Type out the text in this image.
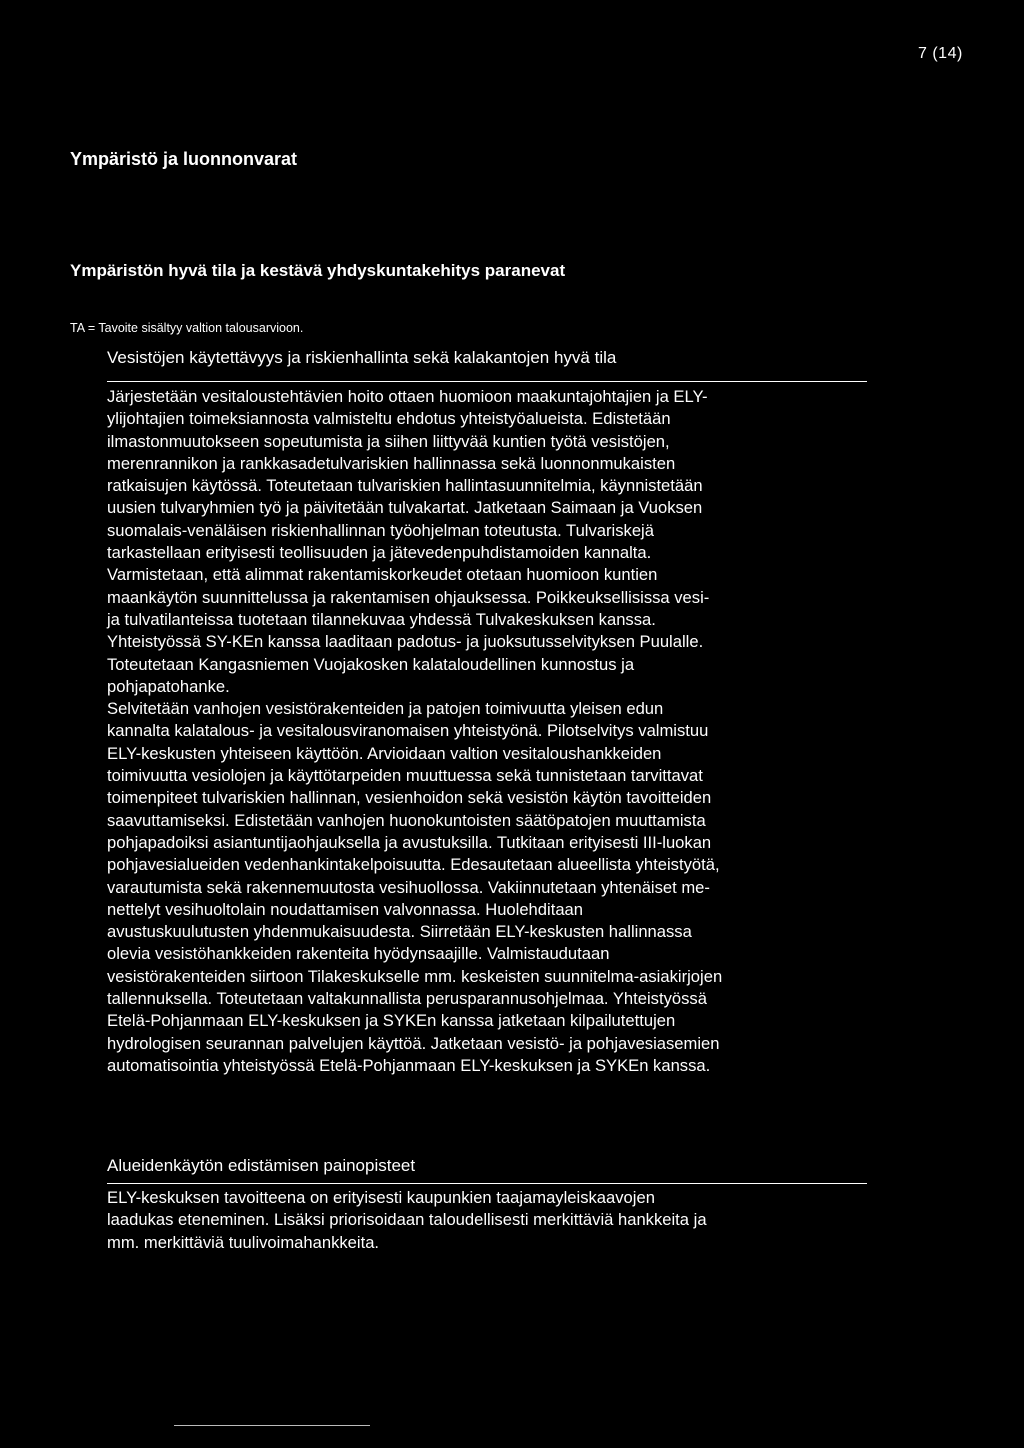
7 (14)
Ympäristö ja luonnonvarat
Ympäristön hyvä tila ja kestävä yhdyskuntakehitys paranevat
TA = Tavoite sisältyy valtion talousarvioon.
Vesistöjen käytettävyys ja riskienhallinta sekä kalakantojen hyvä tila

Järjestetään vesitaloustehtävien hoito ottaen huomioon maakuntajohtajien ja ELY-
ylijohtajien toimeksiannosta valmisteltu ehdotus yhteistyöalueista. Edistetään
ilmastonmuutokseen sopeutumista ja siihen liittyvää kuntien työtä vesistöjen,
merenrannikon ja rankkasadetulvariskien hallinnassa sekä luonnonmukaisten
ratkaisujen käytössä. Toteutetaan tulvariskien hallintasuunnitelmia, käynnistetään
uusien tulvaryhmien työ ja päivitetään tulvakartat. Jatketaan Saimaan ja Vuoksen
suomalais-venäläisen riskienhallinnan työohjelman toteutusta. Tulvariskejä
tarkastellaan erityisesti teollisuuden ja jätevedenpuhdistamoiden kannalta.
Varmistetaan, että alimmat rakentamiskorkeudet otetaan huomioon kuntien
maankäytön suunnittelussa ja rakentamisen ohjauksessa. Poikkeuksellisissa vesi-
ja tulvatilanteissa tuotetaan tilannekuvaa yhdessä Tulvakeskuksen kanssa.
Yhteistyössä SY-KEn kanssa laaditaan padotus- ja juoksutusselvityksen Puulalle.
Toteutetaan Kangasniemen Vuojakosken kalataloudellinen kunnostus ja
pohjapatohanke.
Selvitetään vanhojen vesistörakenteiden ja patojen toimivuutta yleisen edun
kannalta kalatalous- ja vesitalousviranomaisen yhteistyönä. Pilotselvitys valmistuu
ELY-keskusten yhteiseen käyttöön. Arvioidaan valtion vesitaloushankkeiden
toimivuutta vesiolojen ja käyttötarpeiden muuttuessa sekä tunnistetaan tarvittavat
toimenpiteet tulvariskien hallinnan, vesienhoidon sekä vesistön käytön tavoitteiden
saavuttamiseksi. Edistetään vanhojen huonokuntoisten säätöpatojen muuttamista
pohjapadoiksi asiantuntijaohjauksella ja avustuksilla. Tutkitaan erityisesti III-luokan
pohjavesialueiden vedenhankintakelpoisuutta. Edesautetaan alueellista yhteistyötä,
varautumista sekä rakennemuutosta vesihuollossa. Vakiinnutetaan yhtenäiset me-
nettelyt vesihuoltolain noudattamisen valvonnassa. Huolehditaan
avustuskuulutusten yhdenmukaisuudesta. Siirretään ELY-keskusten hallinnassa
olevia vesistöhankkeiden rakenteita hyödynsaajille. Valmistaudutaan
vesistörakenteiden siirtoon Tilakeskukselle mm. keskeisten suunnitelma-asiakirjojen
tallennuksella. Toteutetaan valtakunnallista perusparannusohjelmaa. Yhteistyössä
Etelä-Pohjanmaan ELY-keskuksen ja SYKEn kanssa jatketaan kilpailutettujen
hydrologisen seurannan palvelujen käyttöä. Jatketaan vesistö- ja pohjavesiasemien
automatisointia yhteistyössä Etelä-Pohjanmaan ELY-keskuksen ja SYKEn kanssa.

Alueidenkäytön edistämisen painopisteet

ELY-keskuksen tavoitteena on erityisesti kaupunkien taajamayleiskaavojen
laadukas eteneminen. Lisäksi priorisoidaan taloudellisesti merkittäviä hankkeita ja
mm. merkittäviä tuulivoimahankkeita.
